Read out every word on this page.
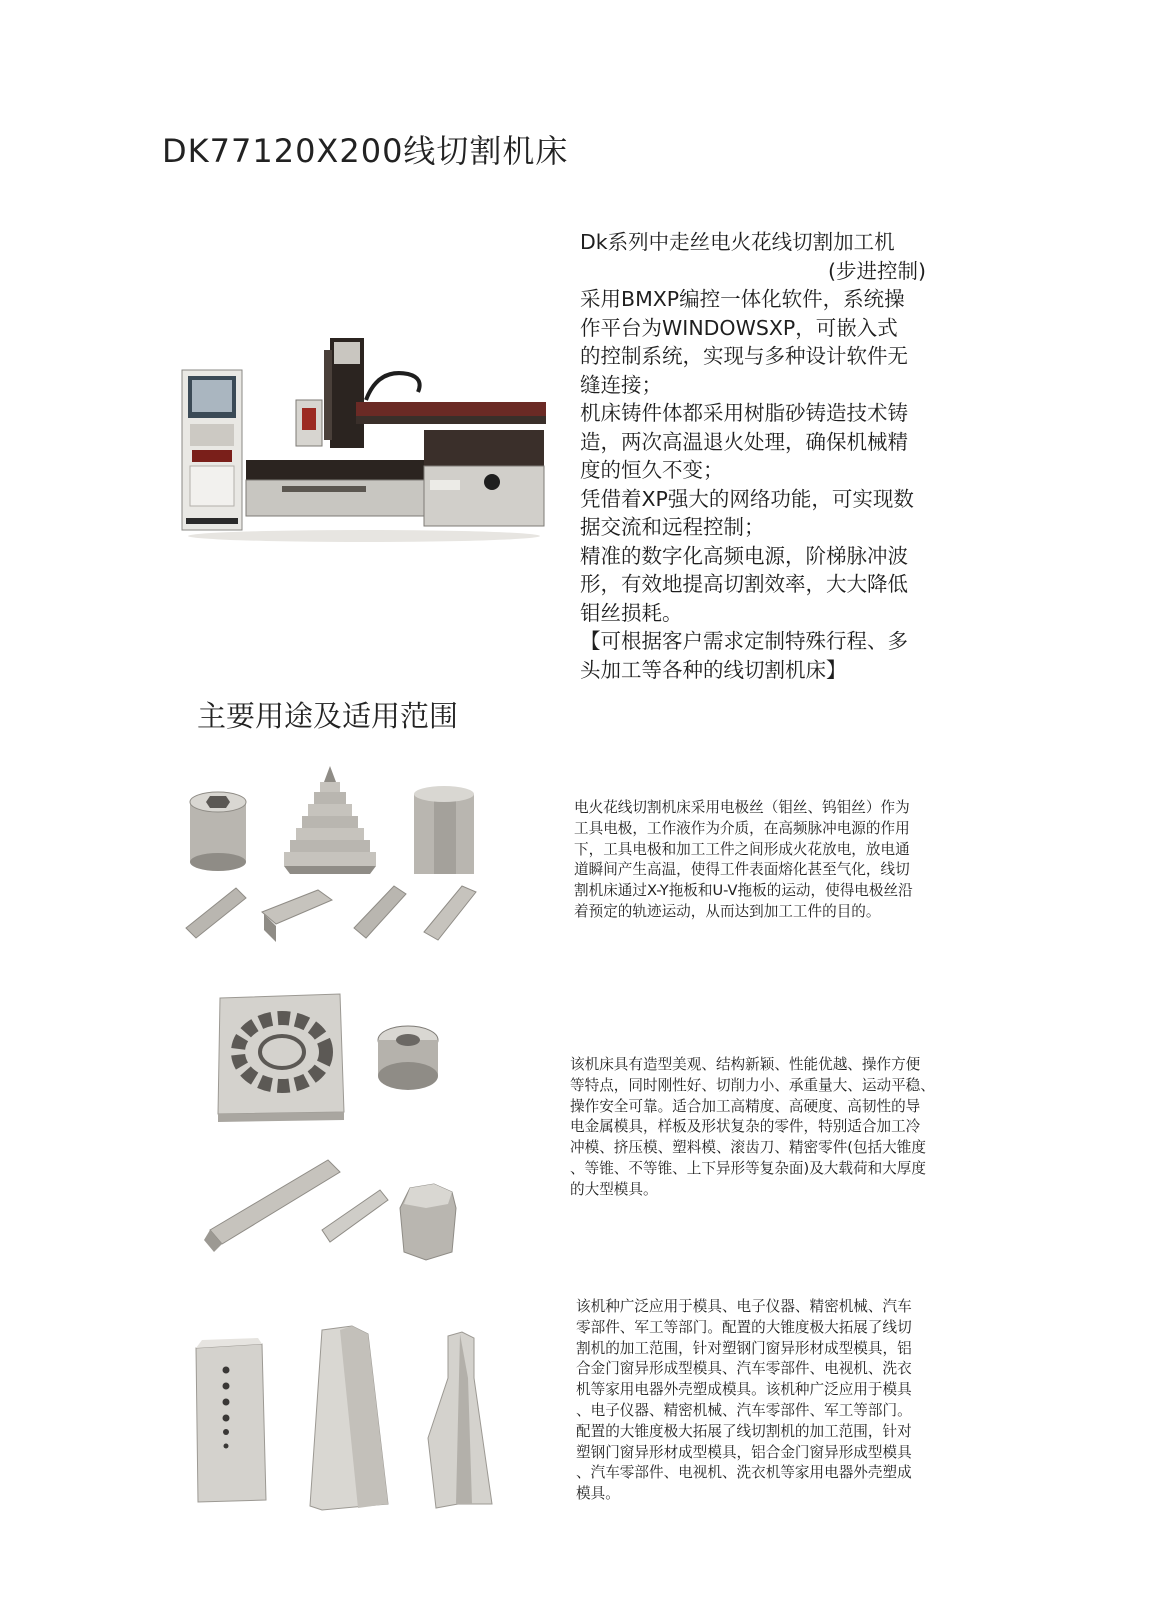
DK77120X200线切割机床
Dk系列中走丝电火花线切割加工机
(步进控制)
采用BMXP编控一体化软件，系统操
作平台为WINDOWSXP，可嵌入式
的控制系统，实现与多种设计软件无
缝连接；
机床铸件体都采用树脂砂铸造技术铸
造，两次高温退火处理，确保机械精
度的恒久不变；
凭借着XP强大的网络功能，可实现数
据交流和远程控制；
精准的数字化高频电源，阶梯脉冲波
形，有效地提高切割效率，大大降低
钼丝损耗。
【可根据客户需求定制特殊行程、多
头加工等各种的线切割机床】
主要用途及适用范围
电火花线切割机床采用电极丝（钼丝、钨钼丝）作为
工具电极，工作液作为介质，在高频脉冲电源的作用
下，工具电极和加工工件之间形成火花放电，放电通
道瞬间产生高温，使得工件表面熔化甚至气化，线切
割机床通过X-Y拖板和U-V拖板的运动，使得电极丝沿
着预定的轨迹运动，从而达到加工工件的目的。
该机床具有造型美观、结构新颖、性能优越、操作方便
等特点，同时刚性好、切削力小、承重量大、运动平稳、
操作安全可靠。适合加工高精度、高硬度、高韧性的导
电金属模具，样板及形状复杂的零件，特别适合加工冷
冲模、挤压模、塑料模、滚齿刀、精密零件(包括大锥度
、等锥、不等锥、上下异形等复杂面)及大载荷和大厚度
的大型模具。
该机种广泛应用于模具、电子仪器、精密机械、汽车
零部件、军工等部门。配置的大锥度极大拓展了线切
割机的加工范围，针对塑钢门窗异形材成型模具，铝
合金门窗异形成型模具、汽车零部件、电视机、洗衣
机等家用电器外壳塑成模具。该机种广泛应用于模具
、电子仪器、精密机械、汽车零部件、军工等部门。
配置的大锥度极大拓展了线切割机的加工范围，针对
塑钢门窗异形材成型模具，铝合金门窗异形成型模具
、汽车零部件、电视机、洗衣机等家用电器外壳塑成
模具。
